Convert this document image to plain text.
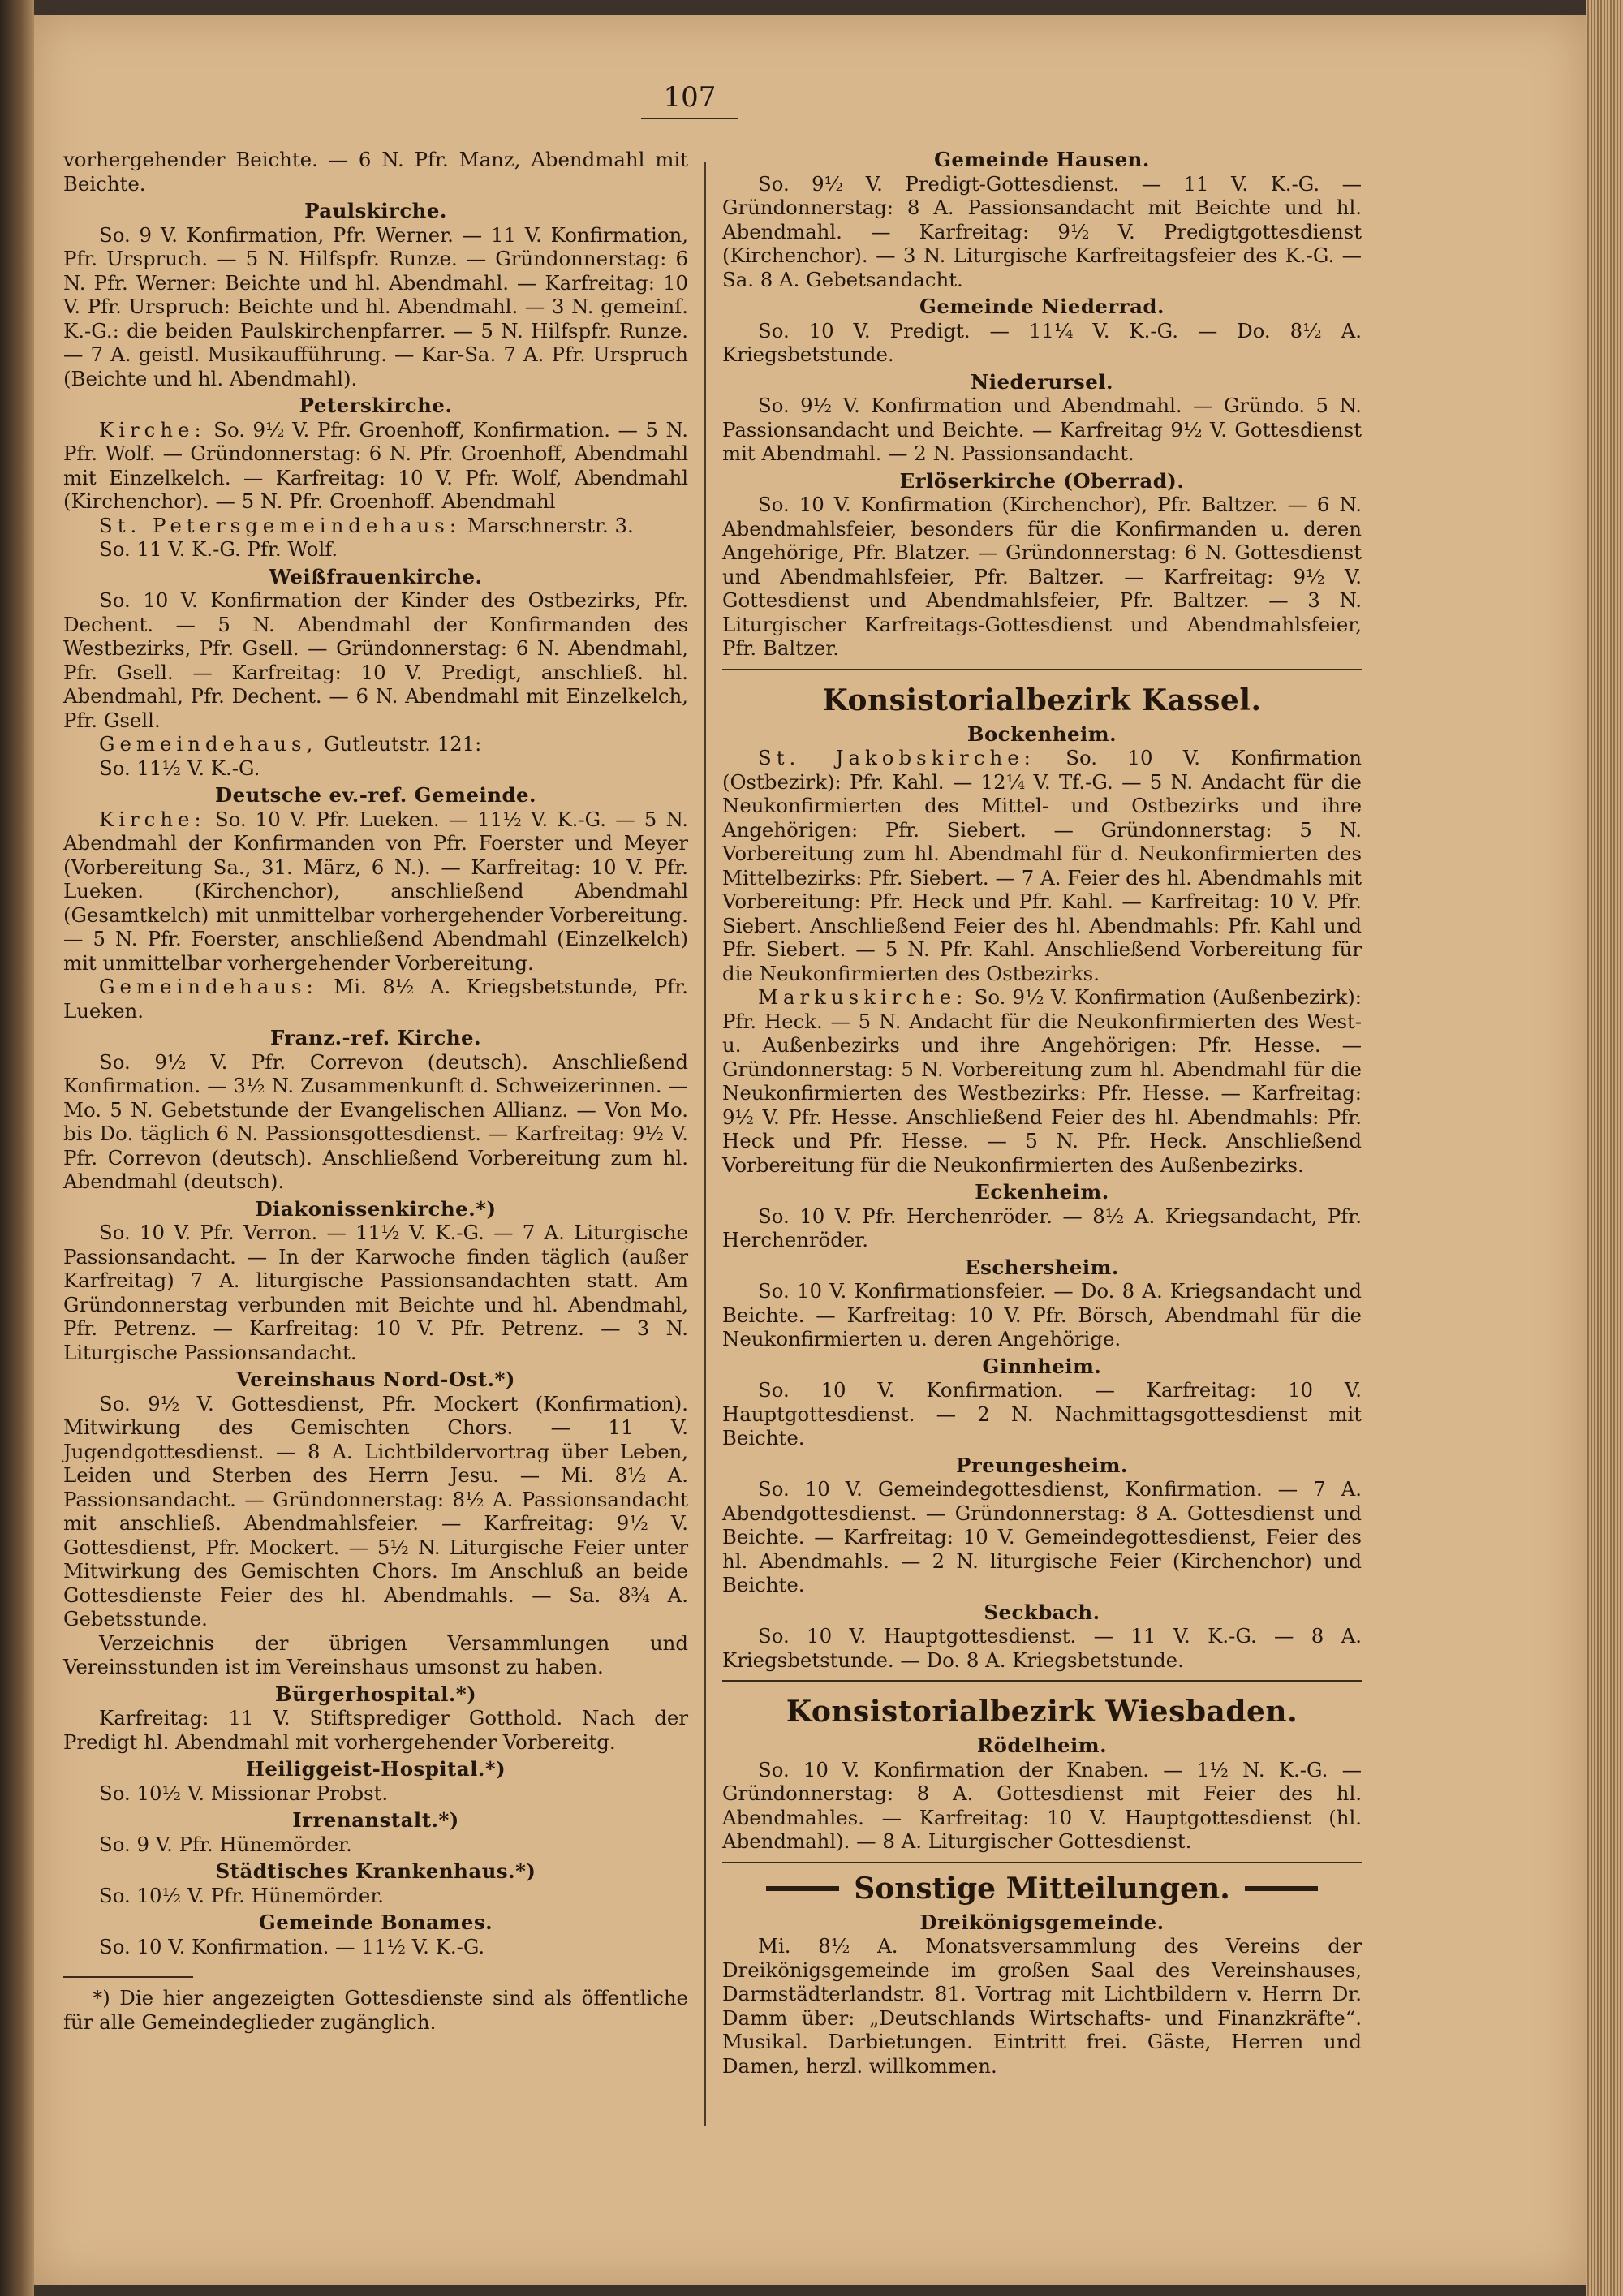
107

vorhergehender Beichte. — 6 N. Pfr. Manz, Abendmahl mit Beichte.

Paulskirche.

So. 9 V. Konfirmation, Pfr. Werner. — 11 V. Konfirmation, Pfr. Urspruch. — 5 N. Hilfspfr. Runze. — Gründonnerstag: 6 N. Pfr. Werner: Beichte und hl. Abendmahl. — Karfreitag: 10 V. Pfr. Urspruch: Beichte und hl. Abendmahl. — 3 N. gemeinſ. K.-G.: die beiden Paulskirchenpfarrer. — 5 N. Hilfspfr. Runze. — 7 A. geistl. Musikaufführung. — Kar-Sa. 7 A. Pfr. Urspruch (Beichte und hl. Abendmahl).

Peterskirche.

Kirche: So. 9½ V. Pfr. Groenhoff, Konfirmation. — 5 N. Pfr. Wolf. — Gründonnerstag: 6 N. Pfr. Groenhoff, Abendmahl mit Einzelkelch. — Karfreitag: 10 V. Pfr. Wolf, Abendmahl (Kirchenchor). — 5 N. Pfr. Groenhoff. Abendmahl

St. Petersgemeindehaus: Marschnerstr. 3.

So. 11 V. K.-G. Pfr. Wolf.

Weißfrauenkirche.

So. 10 V. Konfirmation der Kinder des Ostbezirks, Pfr. Dechent. — 5 N. Abendmahl der Konfirmanden des Westbezirks, Pfr. Gsell. — Gründonnerstag: 6 N. Abendmahl, Pfr. Gsell. — Karfreitag: 10 V. Predigt, anschließ. hl. Abendmahl, Pfr. Dechent. — 6 N. Abendmahl mit Einzelkelch, Pfr. Gsell.

Gemeindehaus, Gutleutstr. 121:

So. 11½ V. K.-G.

Deutsche ev.-ref. Gemeinde.

Kirche: So. 10 V. Pfr. Lueken. — 11½ V. K.-G. — 5 N. Abendmahl der Konfirmanden von Pfr. Foerster und Meyer (Vorbereitung Sa., 31. März, 6 N.). — Karfreitag: 10 V. Pfr. Lueken. (Kirchenchor), anschließend Abendmahl (Gesamtkelch) mit unmittelbar vorhergehender Vorbereitung. — 5 N. Pfr. Foerster, anschließend Abendmahl (Einzelkelch) mit unmittelbar vorhergehender Vorbereitung.

Gemeindehaus: Mi. 8½ A. Kriegsbetstunde, Pfr. Lueken.

Franz.-ref. Kirche.

So. 9½ V. Pfr. Correvon (deutsch). Anschließend Konfirmation. — 3½ N. Zusammenkunft d. Schweizerinnen. — Mo. 5 N. Gebetstunde der Evangelischen Allianz. — Von Mo. bis Do. täglich 6 N. Passionsgottesdienst. — Karfreitag: 9½ V. Pfr. Correvon (deutsch). Anschließend Vorbereitung zum hl. Abendmahl (deutsch).

Diakonissenkirche.*)

So. 10 V. Pfr. Verron. — 11½ V. K.-G. — 7 A. Liturgische Passionsandacht. — In der Karwoche finden täglich (außer Karfreitag) 7 A. liturgische Passionsandachten statt. Am Gründonnerstag verbunden mit Beichte und hl. Abendmahl, Pfr. Petrenz. — Karfreitag: 10 V. Pfr. Petrenz. — 3 N. Liturgische Passionsandacht.

Vereinshaus Nord-Ost.*)

So. 9½ V. Gottesdienst, Pfr. Mockert (Konfirmation). Mitwirkung des Gemischten Chors. — 11 V. Jugendgottesdienst. — 8 A. Lichtbildervortrag über Leben, Leiden und Sterben des Herrn Jesu. — Mi. 8½ A. Passionsandacht. — Gründonnerstag: 8½ A. Passionsandacht mit anschließ. Abendmahlsfeier. — Karfreitag: 9½ V. Gottesdienst, Pfr. Mockert. — 5½ N. Liturgische Feier unter Mitwirkung des Gemischten Chors. Im Anschluß an beide Gottesdienste Feier des hl. Abendmahls. — Sa. 8¾ A. Gebetsstunde.

Verzeichnis der übrigen Versammlungen und Vereinsstunden ist im Vereinshaus umsonst zu haben.

Bürgerhospital.*)

Karfreitag: 11 V. Stiftsprediger Gotthold. Nach der Predigt hl. Abendmahl mit vorhergehender Vorbereitg.

Heiliggeist-Hospital.*)

So. 10½ V. Missionar Probst.

Irrenanstalt.*)

So. 9 V. Pfr. Hünemörder.

Städtisches Krankenhaus.*)

So. 10½ V. Pfr. Hünemörder.

Gemeinde Bonames.

So. 10 V. Konfirmation. — 11½ V. K.-G.

*) Die hier angezeigten Gottesdienste sind als öffentliche für alle Gemeindeglieder zugänglich.

Gemeinde Hausen.

So. 9½ V. Predigt-Gottesdienst. — 11 V. K.-G. — Gründonnerstag: 8 A. Passionsandacht mit Beichte und hl. Abendmahl. — Karfreitag: 9½ V. Predigtgottesdienst (Kirchenchor). — 3 N. Liturgische Karfreitagsfeier des K.-G. — Sa. 8 A. Gebetsandacht.

Gemeinde Niederrad.

So. 10 V. Predigt. — 11¼ V. K.-G. — Do. 8½ A. Kriegsbetstunde.

Niederursel.

So. 9½ V. Konfirmation und Abendmahl. — Gründo. 5 N. Passionsandacht und Beichte. — Karfreitag 9½ V. Gottesdienst mit Abendmahl. — 2 N. Passionsandacht.

Erlöserkirche (Oberrad).

So. 10 V. Konfirmation (Kirchenchor), Pfr. Baltzer. — 6 N. Abendmahlsfeier, besonders für die Konfirmanden u. deren Angehörige, Pfr. Blatzer. — Gründonnerstag: 6 N. Gottesdienst und Abendmahlsfeier, Pfr. Baltzer. — Karfreitag: 9½ V. Gottesdienst und Abendmahlsfeier, Pfr. Baltzer. — 3 N. Liturgischer Karfreitags-Gottesdienst und Abendmahlsfeier, Pfr. Baltzer.

Konsistorialbezirk Kassel.
Bockenheim.

St. Jakobskirche: So. 10 V. Konfirmation (Ostbezirk): Pfr. Kahl. — 12¼ V. Tf.-G. — 5 N. Andacht für die Neukonfirmierten des Mittel- und Ostbezirks und ihre Angehörigen: Pfr. Siebert. — Gründonnerstag: 5 N. Vorbereitung zum hl. Abendmahl für d. Neukonfirmierten des Mittelbezirks: Pfr. Siebert. — 7 A. Feier des hl. Abendmahls mit Vorbereitung: Pfr. Heck und Pfr. Kahl. — Karfreitag: 10 V. Pfr. Siebert. Anschließend Feier des hl. Abendmahls: Pfr. Kahl und Pfr. Siebert. — 5 N. Pfr. Kahl. Anschließend Vorbereitung für die Neukonfirmierten des Ostbezirks.

Markuskirche: So. 9½ V. Konfirmation (Außenbezirk): Pfr. Heck. — 5 N. Andacht für die Neukonfirmierten des West- u. Außenbezirks und ihre Angehörigen: Pfr. Hesse. — Gründonnerstag: 5 N. Vorbereitung zum hl. Abendmahl für die Neukonfirmierten des Westbezirks: Pfr. Hesse. — Karfreitag: 9½ V. Pfr. Hesse. Anschließend Feier des hl. Abendmahls: Pfr. Heck und Pfr. Hesse. — 5 N. Pfr. Heck. Anschließend Vorbereitung für die Neukonfirmierten des Außenbezirks.

Eckenheim.

So. 10 V. Pfr. Herchenröder. — 8½ A. Kriegsandacht, Pfr. Herchenröder.

Eschersheim.

So. 10 V. Konfirmationsfeier. — Do. 8 A. Kriegsandacht und Beichte. — Karfreitag: 10 V. Pfr. Börsch, Abendmahl für die Neukonfirmierten u. deren Angehörige.

Ginnheim.

So. 10 V. Konfirmation. — Karfreitag: 10 V. Hauptgottesdienst. — 2 N. Nachmittagsgottesdienst mit Beichte.

Preungesheim.

So. 10 V. Gemeindegottesdienst, Konfirmation. — 7 A. Abendgottesdienst. — Gründonnerstag: 8 A. Gottesdienst und Beichte. — Karfreitag: 10 V. Gemeindegottesdienst, Feier des hl. Abendmahls. — 2 N. liturgische Feier (Kirchenchor) und Beichte.

Seckbach.

So. 10 V. Hauptgottesdienst. — 11 V. K.-G. — 8 A. Kriegsbetstunde. — Do. 8 A. Kriegsbetstunde.

Konsistorialbezirk Wiesbaden.
Rödelheim.

So. 10 V. Konfirmation der Knaben. — 1½ N. K.-G. — Gründonnerstag: 8 A. Gottesdienst mit Feier des hl. Abendmahles. — Karfreitag: 10 V. Hauptgottesdienst (hl. Abendmahl). — 8 A. Liturgischer Gottesdienst.

Sonstige Mitteilungen.
Dreikönigsgemeinde.

Mi. 8½ A. Monatsversammlung des Vereins der Dreikönigsgemeinde im großen Saal des Vereinshauses, Darmstädterlandstr. 81. Vortrag mit Lichtbildern v. Herrn Dr. Damm über: „Deutschlands Wirtschafts- und Finanzkräfte“. Musikal. Darbietungen. Eintritt frei. Gäste, Herren und Damen, herzl. willkommen.
